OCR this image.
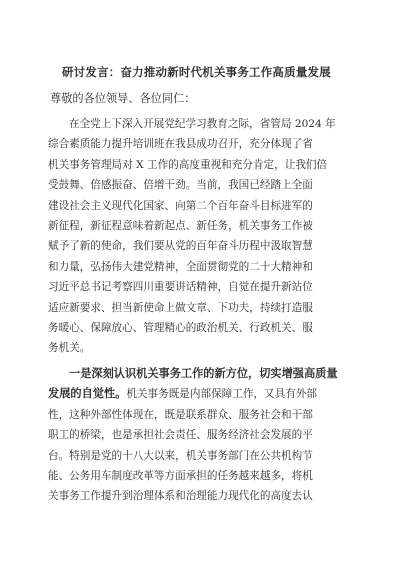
研讨发言：奋力推动新时代机关事务工作高质量发展
尊敬的各位领导、各位同仁：
在全党上下深入开展党纪学习教育之际，省管局 2024 年
综合素质能力提升培训班在我县成功召开，充分体现了省
机关事务管理局对 X 工作的高度重视和充分肯定，让我们倍
受鼓舞、倍感振奋、倍增干劲。当前，我国已经踏上全面
建设社会主义现代化国家、向第二个百年奋斗目标进军的
新征程，新征程意味着新起点、新任务，机关事务工作被
赋予了新的使命，我们要从党的百年奋斗历程中汲取智慧
和力量，弘扬伟大建党精神，全面贯彻党的二十大精神和
习近平总书记考察四川重要讲话精神，自觉在提升新站位
适应新要求、担当新使命上做文章、下功夫，持续打造服
务暖心、保障放心、管理精心的政治机关、行政机关、服
务机关。
一是深刻认识机关事务工作的新方位，切实增强高质量
发展的自觉性。机关事务既是内部保障工作，又具有外部
性，这种外部性体现在，既是联系群众、服务社会和干部
职工的桥梁，也是承担社会责任、服务经济社会发展的平
台。特别是党的十八大以来，机关事务部门在公共机构节
能、公务用车制度改革等方面承担的任务越来越多，将机
关事务工作提升到治理体系和治理能力现代化的高度去认
